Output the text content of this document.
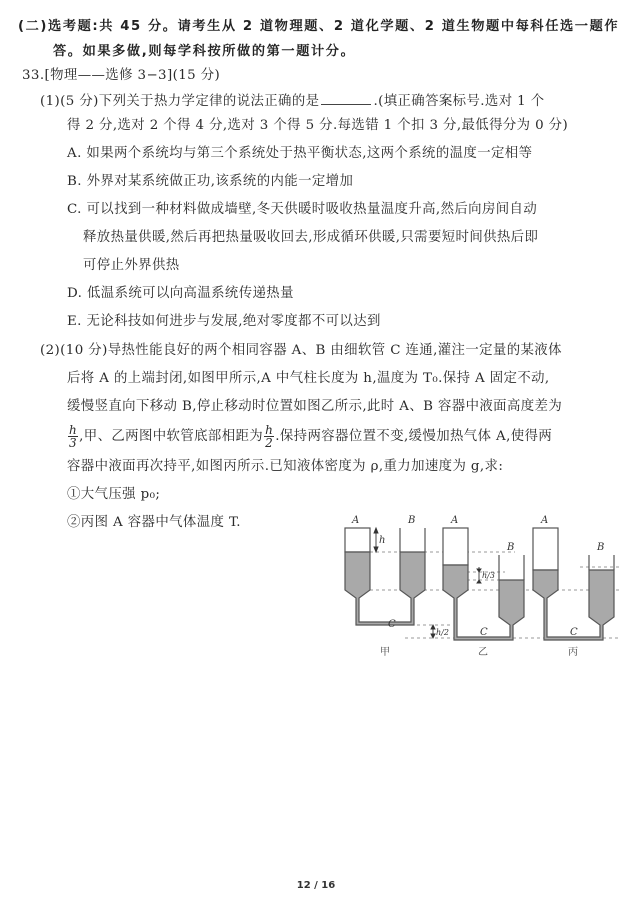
(二)选考题:共 45 分。请考生从 2 道物理题、2 道化学题、2 道生物题中每科任选一题作
答。如果多做,则每学科按所做的第一题计分。
33.[物理——选修 3−3](15 分)
(1)(5 分)下列关于热力学定律的说法正确的是	.(填正确答案标号.选对 1 个
得 2 分,选对 2 个得 4 分,选对 3 个得 5 分.每选错 1 个扣 3 分,最低得分为 0 分)
A. 如果两个系统均与第三个系统处于热平衡状态,这两个系统的温度一定相等
B. 外界对某系统做正功,该系统的内能一定增加
C. 可以找到一种材料做成墙壁,冬天供暖时吸收热量温度升高,然后向房间自动
释放热量供暖,然后再把热量吸收回去,形成循环供暖,只需要短时间供热后即
可停止外界供热
D. 低温系统可以向高温系统传递热量
E. 无论科技如何进步与发展,绝对零度都不可以达到
(2)(10 分)导热性能良好的两个相同容器 A、B 由细软管 C 连通,灌注一定量的某液体
后将 A 的上端封闭,如图甲所示,A 中气柱长度为 h,温度为 T₀.保持 A 固定不动,
缓慢竖直向下移动 B,停止移动时位置如图乙所示,此时 A、B 容器中液面高度差为
$\frac{h}{3}$ ,甲、乙两图中软管底部相距为 $\frac{h}{2}$ .保持两容器位置不变,缓慢加热气体 A,使得两
容器中液面再次持平,如图丙所示.已知液体密度为 ρ,重力加速度为 g,求:
①大气压强 p₀;
②丙图 A 容器中气体温度 T.	A	B
h
C
A
B
h/3
h/2	C
A
B
C
甲	乙	丙
12 / 16
